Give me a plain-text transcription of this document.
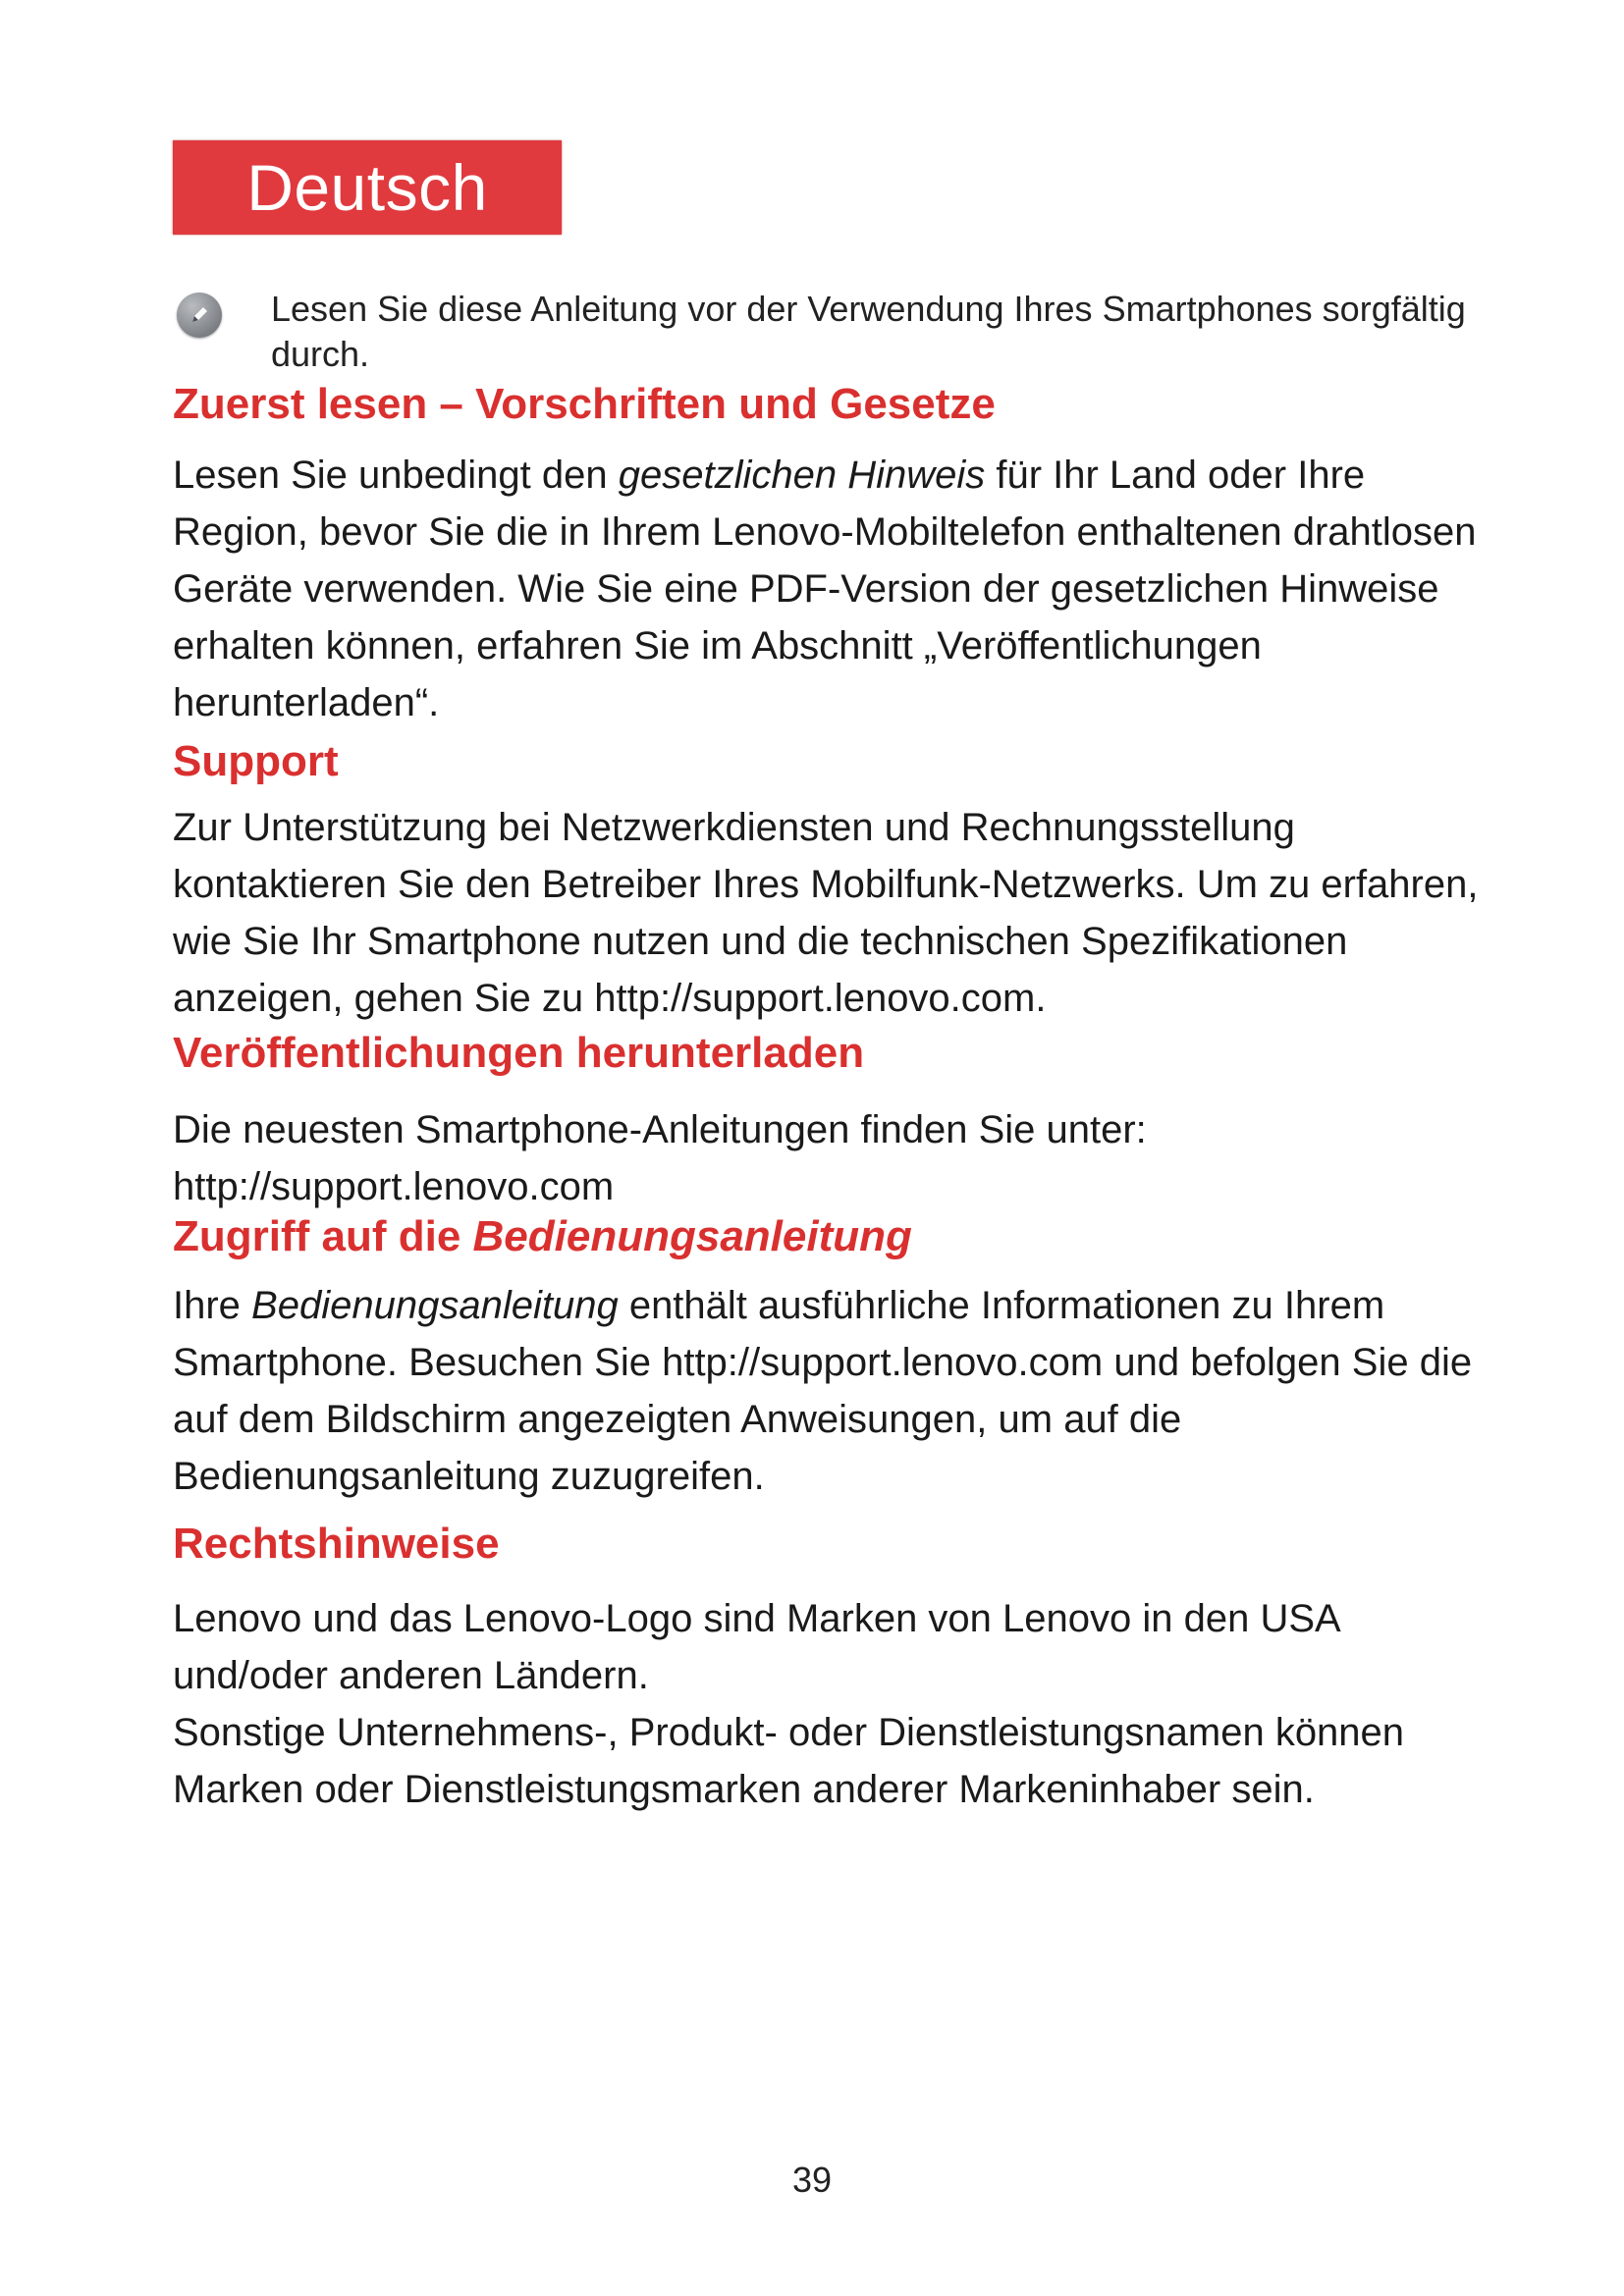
Deutsch
Lesen Sie diese Anleitung vor der Verwendung Ihres Smartphones sorgfältig durch.
Zuerst lesen – Vorschriften und Gesetze

Lesen Sie unbedingt den gesetzlichen Hinweis für Ihr Land oder Ihre Region, bevor Sie die in Ihrem Lenovo-Mobiltelefon enthaltenen drahtlosen Geräte verwenden. Wie Sie eine PDF-Version der gesetzlichen Hinweise erhalten können, erfahren Sie im Abschnitt „Veröffentlichungen herunterladen“.

Support

Zur Unterstützung bei Netzwerkdiensten und Rechnungsstellung kontaktieren Sie den Betreiber Ihres Mobilfunk-Netzwerks. Um zu erfahren, wie Sie Ihr Smartphone nutzen und die technischen Spezifikationen anzeigen, gehen Sie zu http://support.lenovo.com.

Veröffentlichungen herunterladen

Die neuesten Smartphone-Anleitungen finden Sie unter: http://support.lenovo.com

Zugriff auf die Bedienungsanleitung

Ihre Bedienungsanleitung enthält ausführliche Informationen zu Ihrem Smartphone. Besuchen Sie http://support.lenovo.com und befolgen Sie die auf dem Bildschirm angezeigten Anweisungen, um auf die Bedienungsanleitung zuzugreifen.

Rechtshinweise

Lenovo und das Lenovo-Logo sind Marken von Lenovo in den USA und/oder anderen Ländern.

Sonstige Unternehmens-, Produkt- oder Dienstleistungsnamen können Marken oder Dienstleistungsmarken anderer Markeninhaber sein.

39
